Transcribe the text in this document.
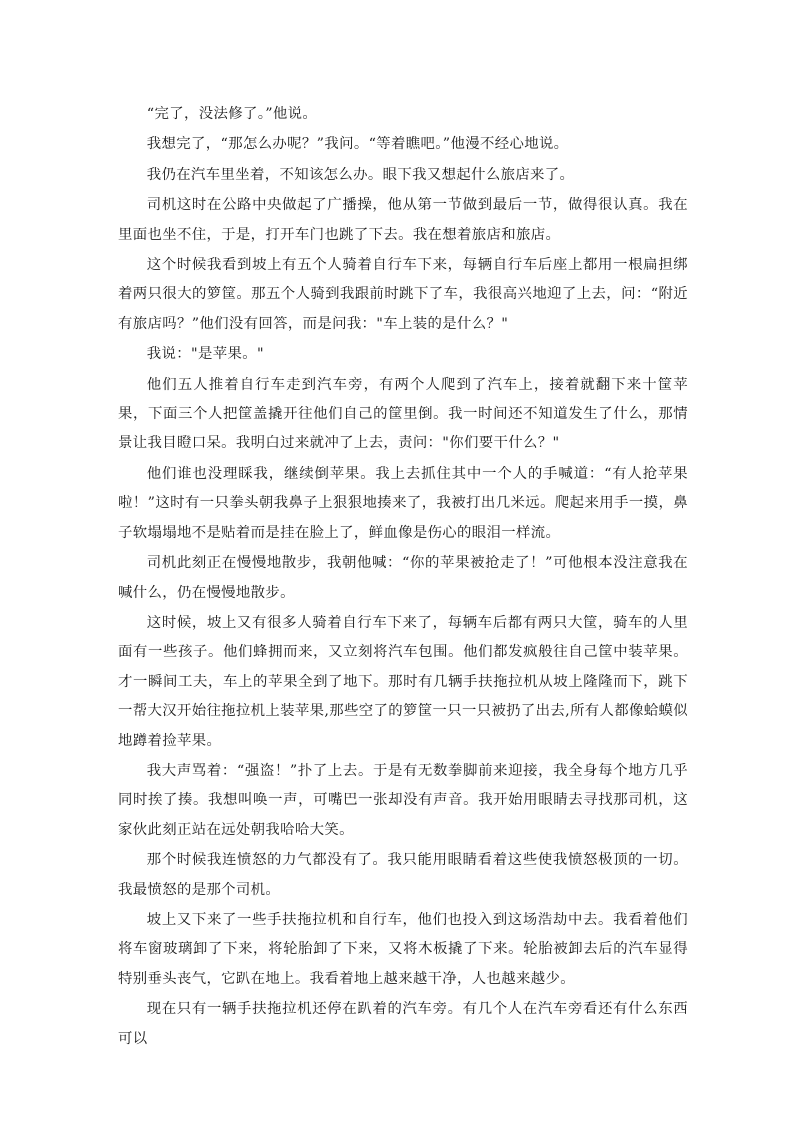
“完了，没法修了。”他说。

我想完了，“那怎么办呢？”我问。“等着瞧吧。”他漫不经心地说。

我仍在汽车里坐着，不知该怎么办。眼下我又想起什么旅店来了。

司机这时在公路中央做起了广播操，他从第一节做到最后一节，做得很认真。我在里面也坐不住，于是，打开车门也跳了下去。我在想着旅店和旅店。

这个时候我看到坡上有五个人骑着自行车下来，每辆自行车后座上都用一根扁担绑着两只很大的箩筐。那五个人骑到我跟前时跳下了车，我很高兴地迎了上去，问：“附近有旅店吗？”他们没有回答，而是问我："车上装的是什么？"

我说："是苹果。"

他们五人推着自行车走到汽车旁，有两个人爬到了汽车上，接着就翻下来十筐苹果，下面三个人把筐盖撬开往他们自己的筐里倒。我一时间还不知道发生了什么，那情景让我目瞪口呆。我明白过来就冲了上去，责问："你们要干什么？"

他们谁也没理睬我，继续倒苹果。我上去抓住其中一个人的手喊道：“有人抢苹果啦！”这时有一只拳头朝我鼻子上狠狠地揍来了，我被打出几米远。爬起来用手一摸，鼻子软塌塌地不是贴着而是挂在脸上了，鲜血像是伤心的眼泪一样流。

司机此刻正在慢慢地散步，我朝他喊：“你的苹果被抢走了！”可他根本没注意我在喊什么，仍在慢慢地散步。

这时候，坡上又有很多人骑着自行车下来了，每辆车后都有两只大筐，骑车的人里面有一些孩子。他们蜂拥而来，又立刻将汽车包围。他们都发疯般往自己筐中装苹果。才一瞬间工夫，车上的苹果全到了地下。那时有几辆手扶拖拉机从坡上隆隆而下，跳下一帮大汉开始往拖拉机上装苹果,那些空了的箩筐一只一只被扔了出去,所有人都像蛤蟆似地蹲着捡苹果。

我大声骂着：“强盗！”扑了上去。于是有无数拳脚前来迎接，我全身每个地方几乎同时挨了揍。我想叫唤一声，可嘴巴一张却没有声音。我开始用眼睛去寻找那司机，这家伙此刻正站在远处朝我哈哈大笑。

那个时候我连愤怒的力气都没有了。我只能用眼睛看着这些使我愤怒极顶的一切。我最愤怒的是那个司机。

坡上又下来了一些手扶拖拉机和自行车，他们也投入到这场浩劫中去。我看着他们将车窗玻璃卸了下来，将轮胎卸了下来，又将木板撬了下来。轮胎被卸去后的汽车显得特别垂头丧气，它趴在地上。我看着地上越来越干净，人也越来越少。

现在只有一辆手扶拖拉机还停在趴着的汽车旁。有几个人在汽车旁看还有什么东西可以
